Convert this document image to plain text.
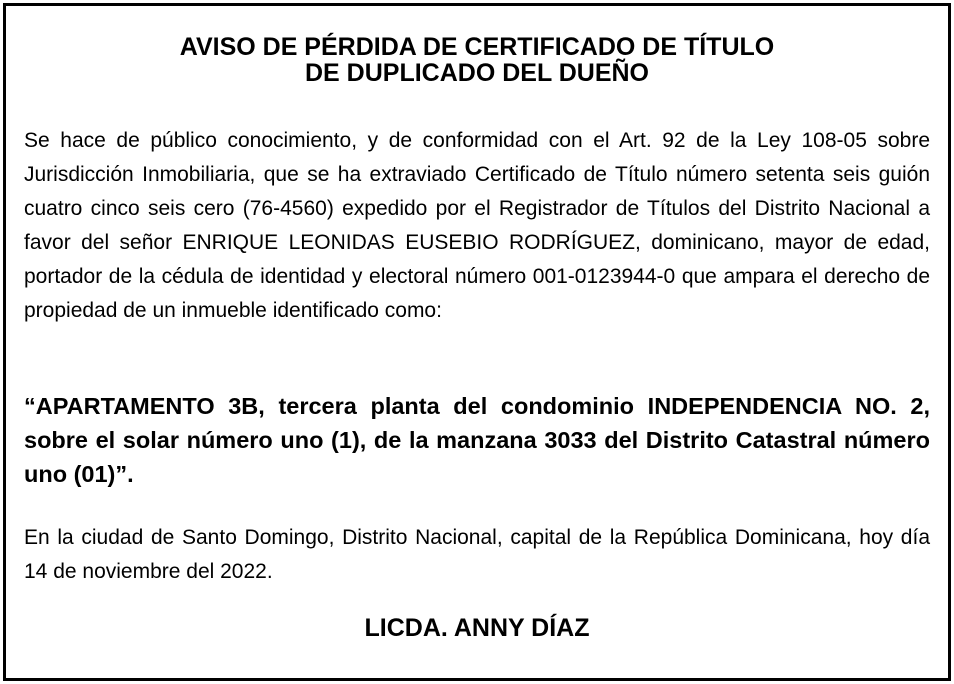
AVISO DE PÉRDIDA DE CERTIFICADO DE TÍTULO
DE DUPLICADO DEL DUEÑO

Se hace de público conocimiento, y de conformidad con el Art. 92 de la Ley 108-05 sobre Jurisdicción Inmobiliaria, que se ha extraviado Certificado de Título número setenta seis guión cuatro cinco seis cero (76-4560) expedido por el Registrador de Títulos del Distrito Nacional a favor del señor ENRIQUE LEONIDAS EUSEBIO RODRÍGUEZ, dominicano, mayor de edad, portador de la cédula de identidad y electoral número 001-0123944-0 que ampara el derecho de propiedad de un inmueble identificado como:

“APARTAMENTO 3B, tercera planta del condominio INDEPENDENCIA NO. 2, sobre el solar número uno (1), de la manzana 3033 del Distrito Catastral número uno (01)”.

En la ciudad de Santo Domingo, Distrito Nacional, capital de la República Dominicana, hoy día 14 de noviembre del 2022.

LICDA. ANNY DÍAZ
